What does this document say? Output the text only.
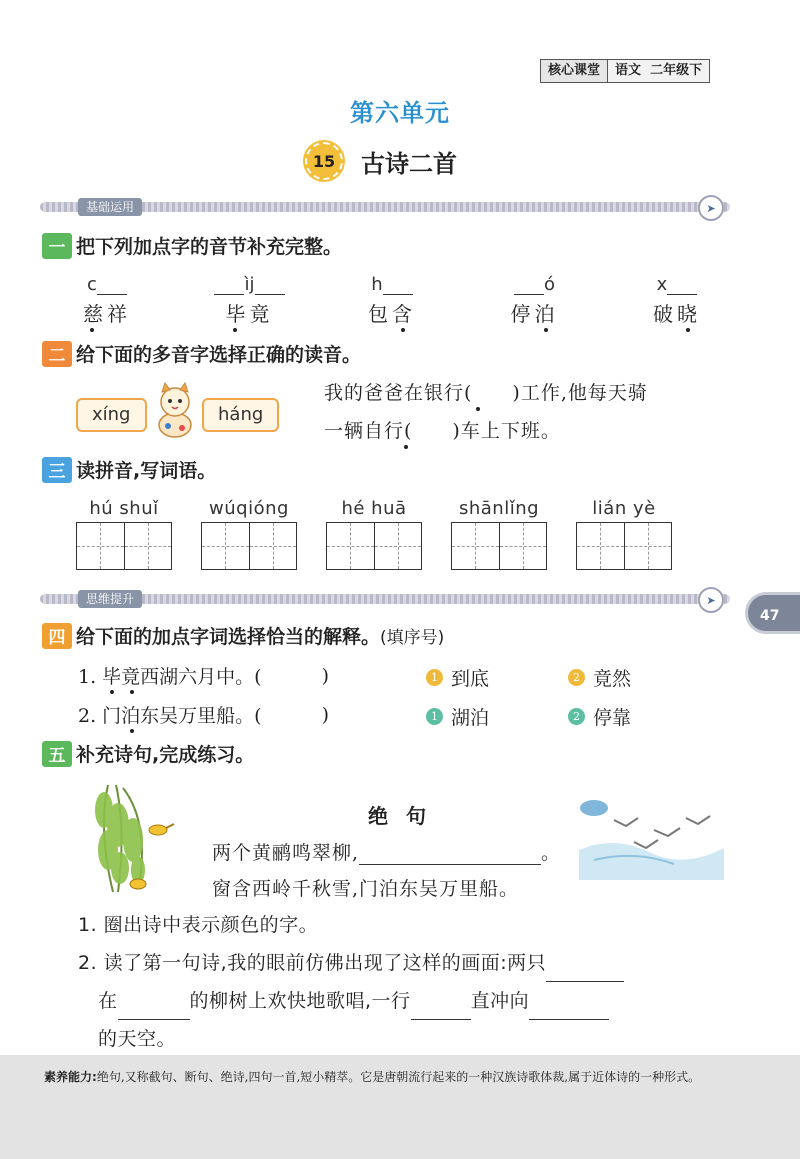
核心课堂	语文 二年级下
第六单元
15	古诗二首
基础运用	➤
一 把下列加点字的音节补充完整。
c
慈祥
ìj
毕竟
h
包含
ó
停泊
x
破晓
二 给下面的多音字选择正确的读音。
xíng	háng
我的爸爸在银行(　　)工作,他每天骑
一辆自行(　　)车上下班。
三 读拼音,写词语。
hú shuǐ	wúqióng	hé huā	shānlǐng	lián yè
思维提升	➤
47
四 给下面的加点字词选择恰当的解释。 (填序号)
1. 毕竟西湖六月中。(	)	1 到底	2 竟然
2. 门泊东吴万里船。(	)	1 湖泊	2 停靠
五 补充诗句,完成练习。
绝句
两个黄鹂鸣翠柳,	。
窗含西岭千秋雪,门泊东吴万里船。
1. 圈出诗中表示颜色的字。
2. 读了第一句诗,我的眼前仿佛出现了这样的画面:两只
在	的柳树上欢快地歌唱,一行	直冲向
的天空。
素养能力:绝句,又称截句、断句、绝诗,四句一首,短小精萃。它是唐朝流行起来的一种汉族诗歌体裁,属于近体诗的一种形式。
